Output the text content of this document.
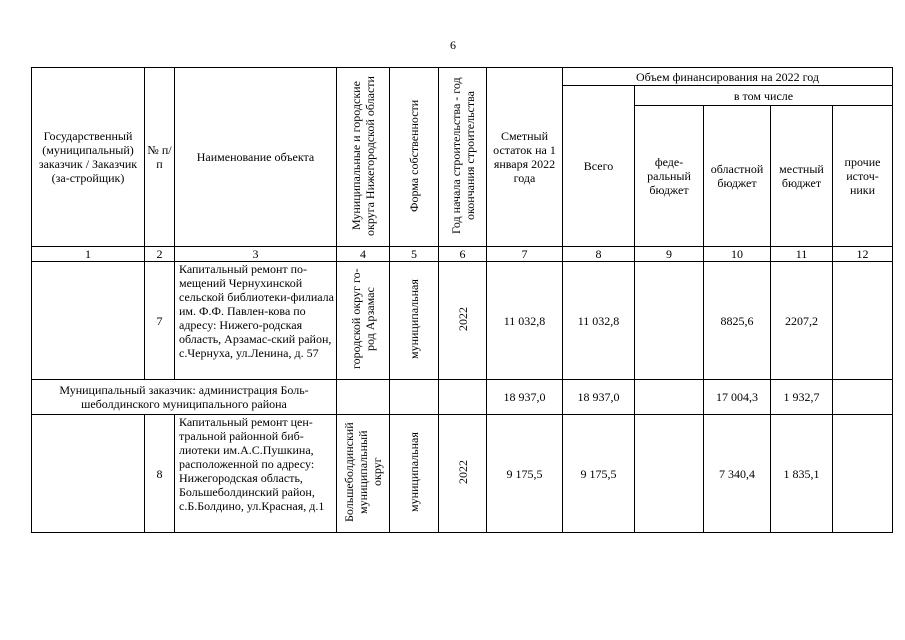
6
Государственный (муниципальный) заказчик / Заказчик (за-стройщик)	№ п/п	Наименование объекта	Муниципальные и городские округа Нижегородской области	Форма собственности	Год начала строительства - год окончания строительства	Сметный остаток на 1 января 2022 года	Объем финансирования на 2022 год				
							Всего	в том числе			
								феде-ральный бюджет	областной бюджет	местный бюджет	прочие источ-ники
1	2	3	4	5	6	7	8	9	10	11	12
	7	Капитальный ремонт по-мещений Чернухинской сельской библиотеки-филиала им. Ф.Ф. Павлен-кова по адресу: Нижего-родская область, Арзамас-ский район, с.Чернуха, ул.Ленина, д. 57	городской округ го-род Арзамас	муниципальная	2022	11 032,8	11 032,8		8825,6	2207,2	
Муниципальный заказчик: администрация Боль-шеболдинского муниципального района						18 937,0	18 937,0		17 004,3	1 932,7	
	8	Капитальный ремонт цен-тральной районной биб-лиотеки им.А.С.Пушкина, расположенной по адресу: Нижегородская область, Большеболдинский район, с.Б.Болдино, ул.Красная, д.1	Большеболдинский муниципальный округ	муниципальная	2022	9 175,5	9 175,5		7 340,4	1 835,1	
